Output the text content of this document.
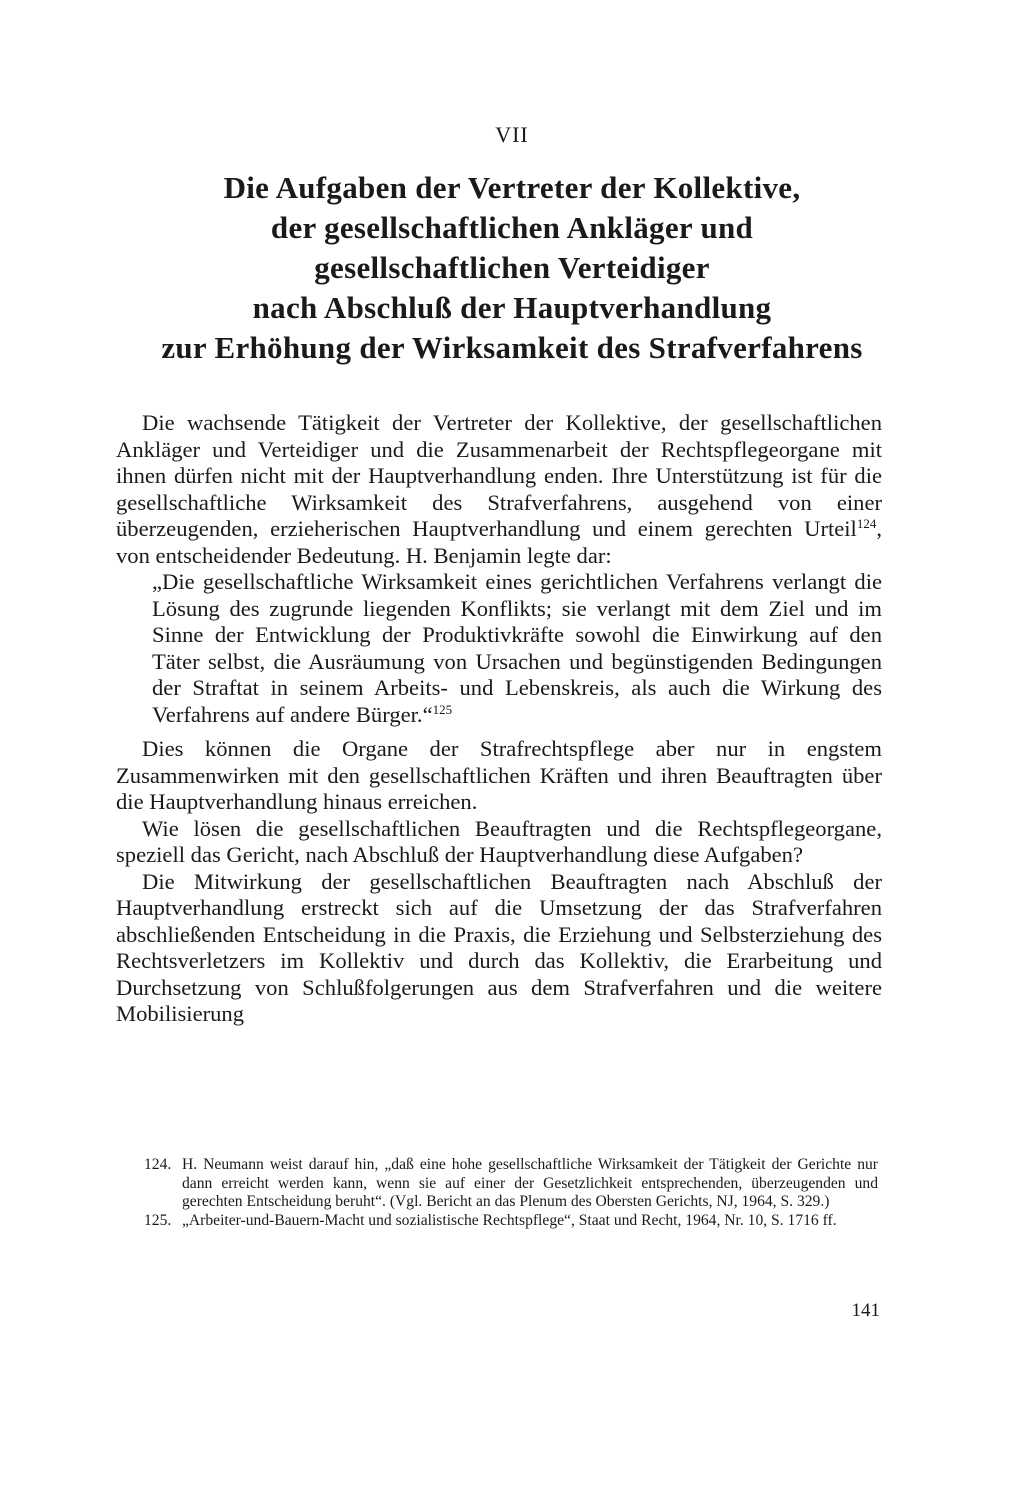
VII
Die Aufgaben der Vertreter der Kollektive,
der gesellschaftlichen Ankläger und
gesellschaftlichen Verteidiger
nach Abschluß der Hauptverhandlung
zur Erhöhung der Wirksamkeit des Strafverfahrens

Die wachsende Tätigkeit der Vertreter der Kollektive, der gesellschaftlichen Ankläger und Verteidiger und die Zusammenarbeit der Rechtspflegeorgane mit ihnen dürfen nicht mit der Hauptverhandlung enden. Ihre Unterstützung ist für die gesellschaftliche Wirksamkeit des Strafverfahrens, ausgehend von einer überzeugenden, erzieherischen Hauptverhandlung und einem gerechten Urteil$^{124}$, von entscheidender Bedeutung. H. Benjamin legte dar:

„Die gesellschaftliche Wirksamkeit eines gerichtlichen Verfahrens verlangt die Lösung des zugrunde liegenden Konflikts; sie verlangt mit dem Ziel und im Sinne der Entwicklung der Produktivkräfte sowohl die Einwirkung auf den Täter selbst, die Ausräumung von Ursachen und begünstigenden Bedingungen der Straftat in seinem Arbeits- und Lebenskreis, als auch die Wirkung des Verfahrens auf andere Bürger.“$^{125}$

Dies können die Organe der Strafrechtspflege aber nur in engstem Zusammenwirken mit den gesellschaftlichen Kräften und ihren Beauftragten über die Hauptverhandlung hinaus erreichen.

Wie lösen die gesellschaftlichen Beauftragten und die Rechtspflegeorgane, speziell das Gericht, nach Abschluß der Hauptverhandlung diese Aufgaben?

Die Mitwirkung der gesellschaftlichen Beauftragten nach Abschluß der Hauptverhandlung erstreckt sich auf die Umsetzung der das Strafverfahren abschließenden Entscheidung in die Praxis, die Erziehung und Selbsterziehung des Rechtsverletzers im Kollektiv und durch das Kollektiv, die Erarbeitung und Durchsetzung von Schlußfolgerungen aus dem Strafverfahren und die weitere Mobilisierung

124. H. Neumann weist darauf hin, „daß eine hohe gesellschaftliche Wirksamkeit der Tätigkeit der Gerichte nur dann erreicht werden kann, wenn sie auf einer der Gesetzlichkeit entsprechenden, überzeugenden und gerechten Entscheidung beruht“. (Vgl. Bericht an das Plenum des Obersten Gerichts, NJ, 1964, S. 329.)
125. „Arbeiter-und-Bauern-Macht und sozialistische Rechtspflege“, Staat und Recht, 1964, Nr. 10, S. 1716 ff.
141
